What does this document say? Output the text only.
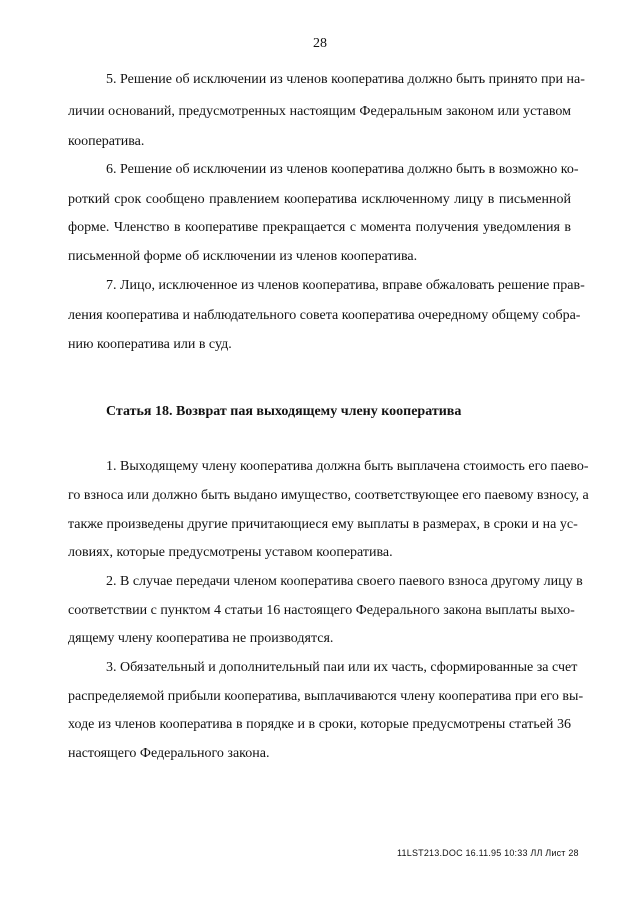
28
5. Решение об исключении из членов кооператива должно быть принято при на-
личии оснований, предусмотренных настоящим Федеральным законом или уставом
кооператива.
6. Решение об исключении из членов кооператива должно быть в возможно ко-
роткий срок сообщено правлением кооператива исключенному лицу в письменной
форме. Членство в кооперативе прекращается с момента получения уведомления в
письменной форме об исключении из членов кооператива.
7. Лицо, исключенное из членов кооператива, вправе обжаловать решение прав-
ления кооператива и наблюдательного совета кооператива очередному общему собра-
нию кооператива или в суд.
Статья 18. Возврат пая выходящему члену кооператива
1. Выходящему члену кооператива должна быть выплачена стоимость его паево-
го взноса или должно быть выдано имущество, соответствующее его паевому взносу, а
также произведены другие причитающиеся ему выплаты в размерах, в сроки и на ус-
ловиях, которые предусмотрены уставом кооператива.
2. В случае передачи членом кооператива своего паевого взноса другому лицу в
соответствии с пунктом 4 статьи 16 настоящего Федерального закона выплаты выхо-
дящему члену кооператива не производятся.
3. Обязательный и дополнительный паи или их часть, сформированные за счет
распределяемой прибыли кооператива, выплачиваются члену кооператива при его вы-
ходе из членов кооператива в порядке и в сроки, которые предусмотрены статьей 36
настоящего Федерального закона.
11LST213.DOC 16.11.95 10:33 ЛЛ Лист 28
